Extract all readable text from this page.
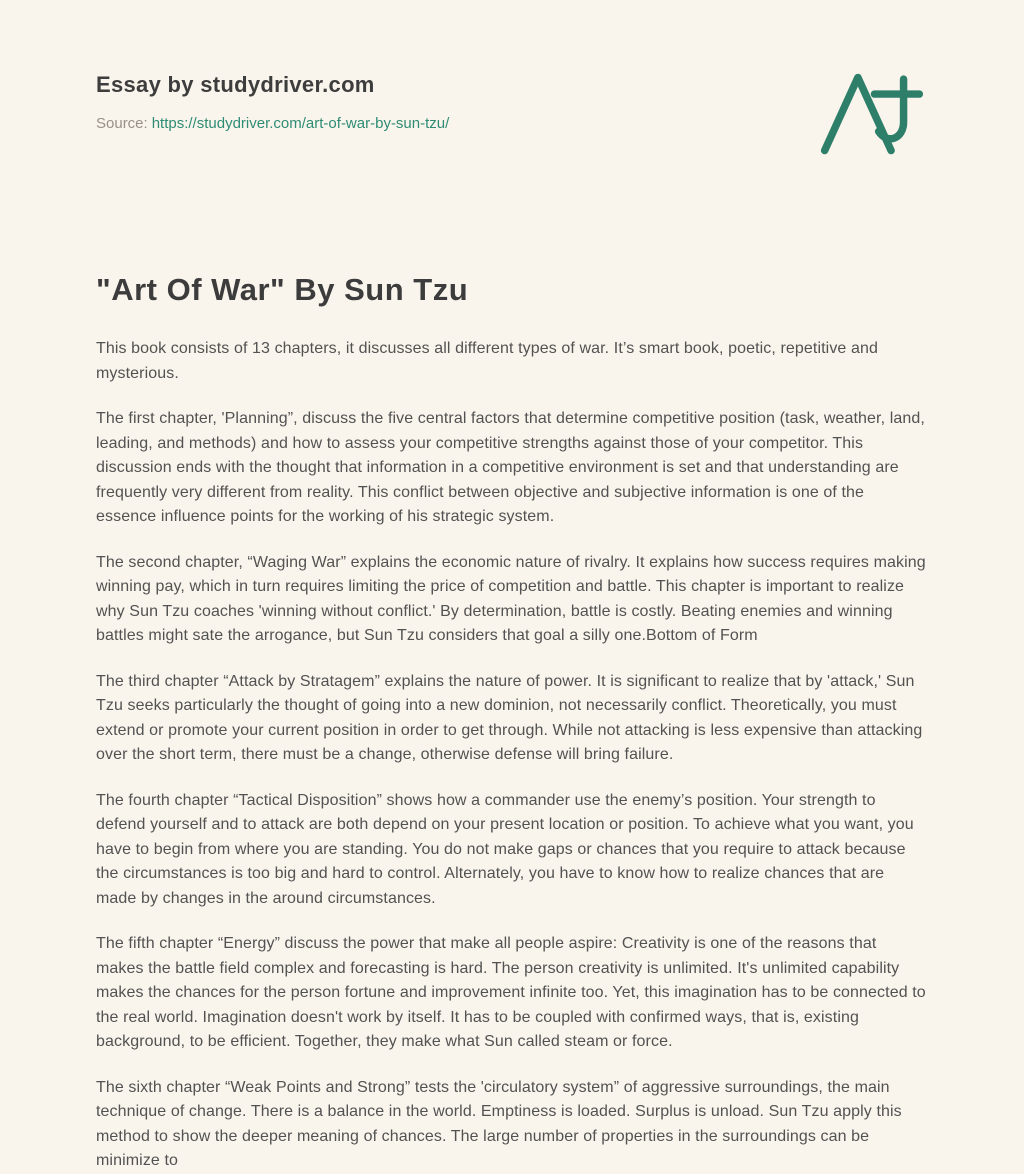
Essay by studydriver.com

Source: https://studydriver.com/art-of-war-by-sun-tzu/

"Art Of War" By Sun Tzu

This book consists of 13 chapters, it discusses all different types of war. It’s smart book, poetic, repetitive and mysterious.

The first chapter, 'Planning”, discuss the five central factors that determine competitive position (task, weather, land, leading, and methods) and how to assess your competitive strengths against those of your competitor. This discussion ends with the thought that information in a competitive environment is set and that understanding are frequently very different from reality. This conflict between objective and subjective information is one of the essence influence points for the working of his strategic system.

The second chapter, “Waging War” explains the economic nature of rivalry. It explains how success requires making winning pay, which in turn requires limiting the price of competition and battle. This chapter is important to realize why Sun Tzu coaches 'winning without conflict.' By determination, battle is costly. Beating enemies and winning battles might sate the arrogance, but Sun Tzu considers that goal a silly one.Bottom of Form

The third chapter “Attack by Stratagem” explains the nature of power. It is significant to realize that by 'attack,' Sun Tzu seeks particularly the thought of going into a new dominion, not necessarily conflict. Theoretically, you must extend or promote your current position in order to get through. While not attacking is less expensive than attacking over the short term, there must be a change, otherwise defense will bring failure.

The fourth chapter “Tactical Disposition” shows how a commander use the enemy’s position. Your strength to defend yourself and to attack are both depend on your present location or position. To achieve what you want, you have to begin from where you are standing. You do not make gaps or chances that you require to attack because the circumstances is too big and hard to control. Alternately, you have to know how to realize chances that are made by changes in the around circumstances.

The fifth chapter “Energy” discuss the power that make all people aspire: Creativity is one of the reasons that makes the battle field complex and forecasting is hard. The person creativity is unlimited. It's unlimited capability makes the chances for the person fortune and improvement infinite too. Yet, this imagination has to be connected to the real world. Imagination doesn't work by itself. It has to be coupled with confirmed ways, that is, existing background, to be efficient. Together, they make what Sun called steam or force.

The sixth chapter “Weak Points and Strong” tests the 'circulatory system” of aggressive surroundings, the main technique of change. There is a balance in the world. Emptiness is loaded. Surplus is unload. Sun Tzu apply this method to show the deeper meaning of chances. The large number of properties in the surroundings can be minimize to
